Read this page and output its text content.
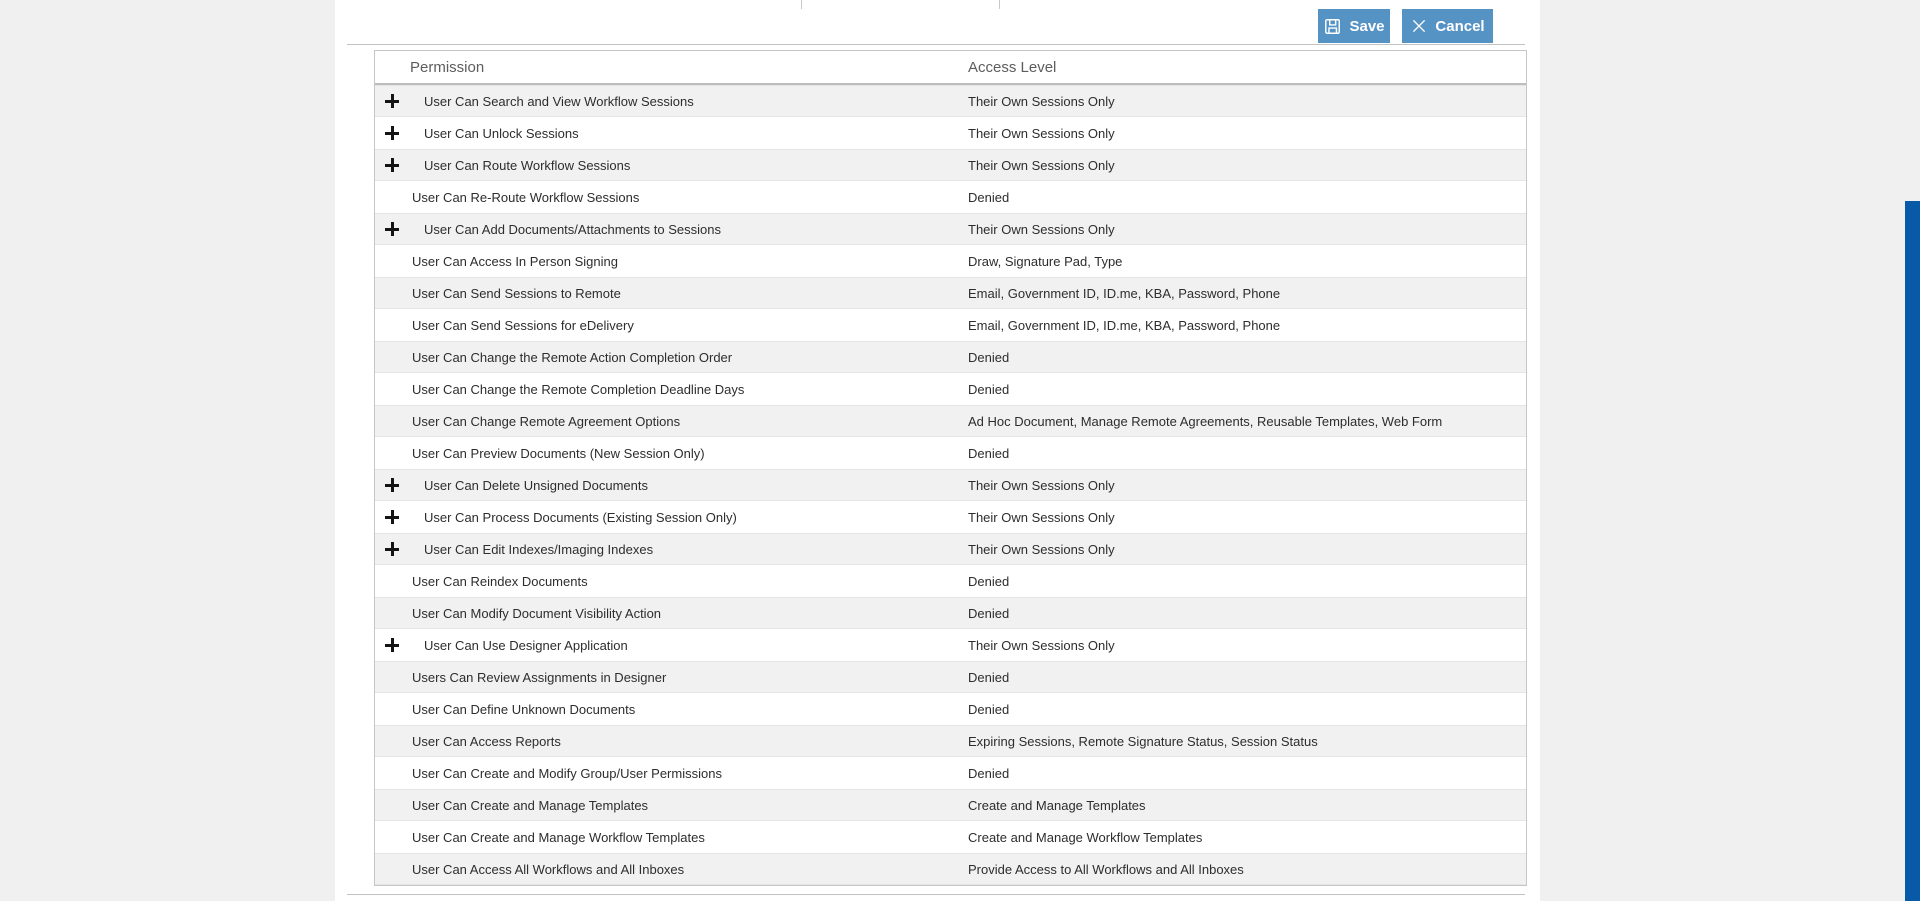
Save	Cancel
Permission	Access Level
User Can Search and View Workflow Sessions	Their Own Sessions Only
User Can Unlock Sessions	Their Own Sessions Only
User Can Route Workflow Sessions	Their Own Sessions Only
User Can Re-Route Workflow Sessions	Denied
User Can Add Documents/Attachments to Sessions	Their Own Sessions Only
User Can Access In Person Signing	Draw, Signature Pad, Type
User Can Send Sessions to Remote	Email, Government ID, ID.me, KBA, Password, Phone
User Can Send Sessions for eDelivery	Email, Government ID, ID.me, KBA, Password, Phone
User Can Change the Remote Action Completion Order	Denied
User Can Change the Remote Completion Deadline Days	Denied
User Can Change Remote Agreement Options	Ad Hoc Document, Manage Remote Agreements, Reusable Templates, Web Form
User Can Preview Documents (New Session Only)	Denied
User Can Delete Unsigned Documents	Their Own Sessions Only
User Can Process Documents (Existing Session Only)	Their Own Sessions Only
User Can Edit Indexes/Imaging Indexes	Their Own Sessions Only
User Can Reindex Documents	Denied
User Can Modify Document Visibility Action	Denied
User Can Use Designer Application	Their Own Sessions Only
Users Can Review Assignments in Designer	Denied
User Can Define Unknown Documents	Denied
User Can Access Reports	Expiring Sessions, Remote Signature Status, Session Status
User Can Create and Modify Group/User Permissions	Denied
User Can Create and Manage Templates	Create and Manage Templates
User Can Create and Manage Workflow Templates	Create and Manage Workflow Templates
User Can Access All Workflows and All Inboxes	Provide Access to All Workflows and All Inboxes
